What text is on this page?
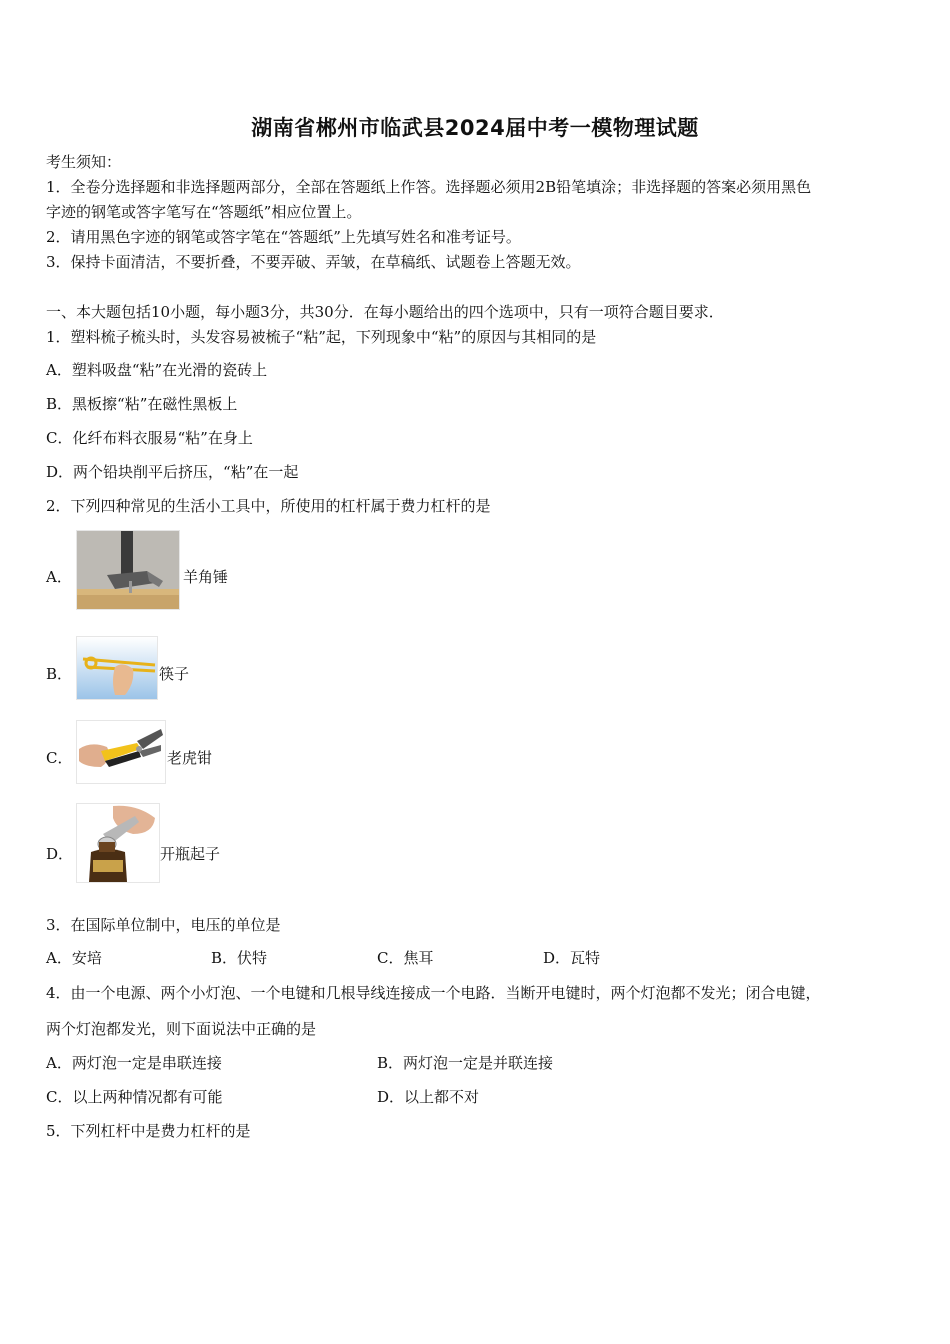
湖南省郴州市临武县2024届中考一模物理试题
考生须知：
1．全卷分选择题和非选择题两部分，全部在答题纸上作答。选择题必须用2B铅笔填涂；非选择题的答案必须用黑色
字迹的钢笔或答字笔写在“答题纸”相应位置上。
2．请用黑色字迹的钢笔或答字笔在“答题纸”上先填写姓名和准考证号。
3．保持卡面清洁，不要折叠，不要弄破、弄皱，在草稿纸、试题卷上答题无效。
一、本大题包括10小题，每小题3分，共30分．在每小题给出的四个选项中，只有一项符合题目要求．
1．塑料梳子梳头时，头发容易被梳子“粘”起，下列现象中“粘”的原因与其相同的是
A．塑料吸盘“粘”在光滑的瓷砖上
B．黑板擦“粘”在磁性黑板上
C．化纤布料衣服易“粘”在身上
D．两个铅块削平后挤压，“粘”在一起
2．下列四种常见的生活小工具中，所使用的杠杆属于费力杠杆的是
A．	羊角锤
B．	筷子
C．	老虎钳
D．	开瓶起子
3．在国际单位制中，电压的单位是
A．安培	B．伏特	C．焦耳	D．瓦特
4．由一个电源、两个小灯泡、一个电键和几根导线连接成一个电路．当断开电键时，两个灯泡都不发光；闭合电键，
两个灯泡都发光，则下面说法中正确的是
A．两灯泡一定是串联连接	B．两灯泡一定是并联连接
C．以上两种情况都有可能	D．以上都不对
5．下列杠杆中是费力杠杆的是
